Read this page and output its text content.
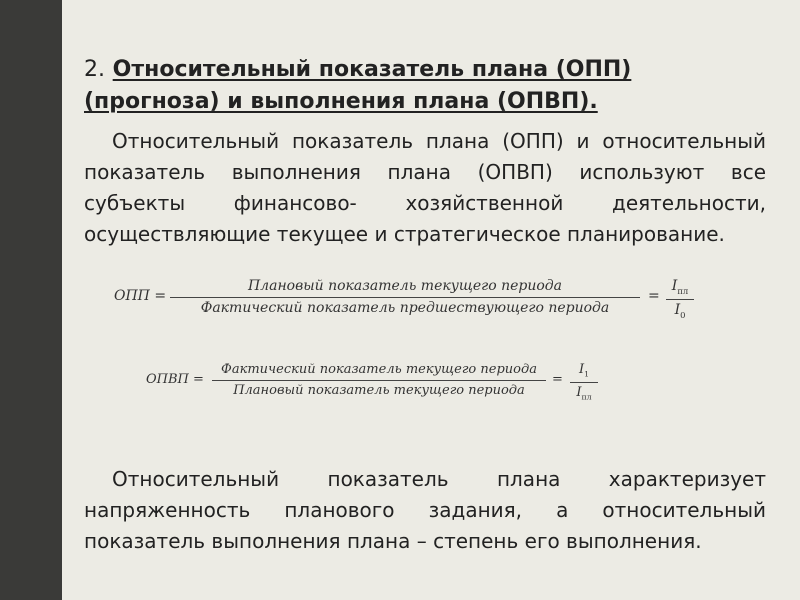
2. Относительный показатель плана (ОПП) (прогноза) и выполнения плана (ОПВП).

Относительный показатель плана (ОПП) и относительный показатель выполнения плана (ОПВП) используют все субъекты финансово- хозяйственной деятельности, осуществляющие текущее и стратегическое планирование.

ОПП =
Плановый показатель текущего периода
Фактический показатель предшествующего периода
=
$I_{пл}$
$I_0$
ОПВП =
Фактический показатель текущего периода
Плановый показатель текущего периода
=
$I_1$
$I_{пл}$

Относительный показатель плана характеризует напряженность планового задания, а относительный показатель выполнения плана – степень его выполнения.
